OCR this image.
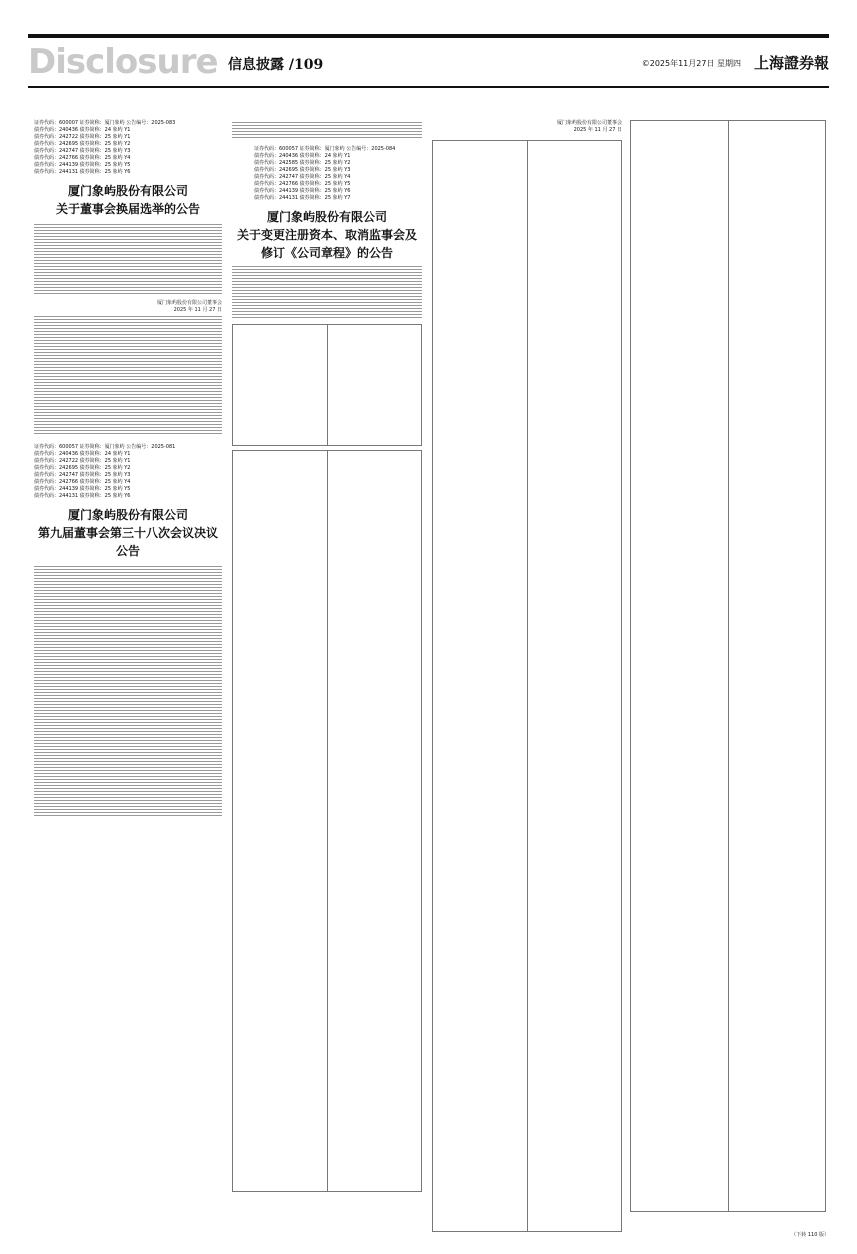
Disclosure 信息披露 /109	©2025年11月27日 星期四 上海證券報
证券代码：600007 证券简称：厦门象屿 公告编号：2025-083
债券代码：240436 债券简称：24 象屿 Y1
债券代码：242722 债券简称：25 象屿 Y1
债券代码：242695 债券简称：25 象屿 Y2
债券代码：242747 债券简称：25 象屿 Y3
债券代码：242766 债券简称：25 象屿 Y4
债券代码：244139 债券简称：25 象屿 Y5
债券代码：244131 债券简称：25 象屿 Y6
厦门象屿股份有限公司
关于董事会换届选举的公告
厦门象屿股份有限公司董事会
2025 年 11 月 27 日
证券代码：600057 证券简称：厦门象屿 公告编号：2025-081
债券代码：240436 债券简称：24 象屿 Y1
债券代码：242722 债券简称：25 象屿 Y1
债券代码：242695 债券简称：25 象屿 Y2
债券代码：242747 债券简称：25 象屿 Y3
债券代码：242766 债券简称：25 象屿 Y4
债券代码：244139 债券简称：25 象屿 Y5
债券代码：244131 债券简称：25 象屿 Y6
厦门象屿股份有限公司
第九届董事会第三十八次会议决议公告
证券代码：600057 证券简称：厦门象屿 公告编号：2025-084
债券代码：240436 债券简称：24 象屿 Y1
债券代码：242585 债券简称：25 象屿 Y2
债券代码：242695 债券简称：25 象屿 Y3
债券代码：242747 债券简称：25 象屿 Y4
债券代码：242766 债券简称：25 象屿 Y5
债券代码：244139 债券简称：25 象屿 Y6
债券代码：244131 债券简称：25 象屿 Y7
厦门象屿股份有限公司
关于变更注册资本、取消监事会及
修订《公司章程》的公告
厦门象屿股份有限公司董事会
2025 年 11 月 27 日
（下转 110 版）
